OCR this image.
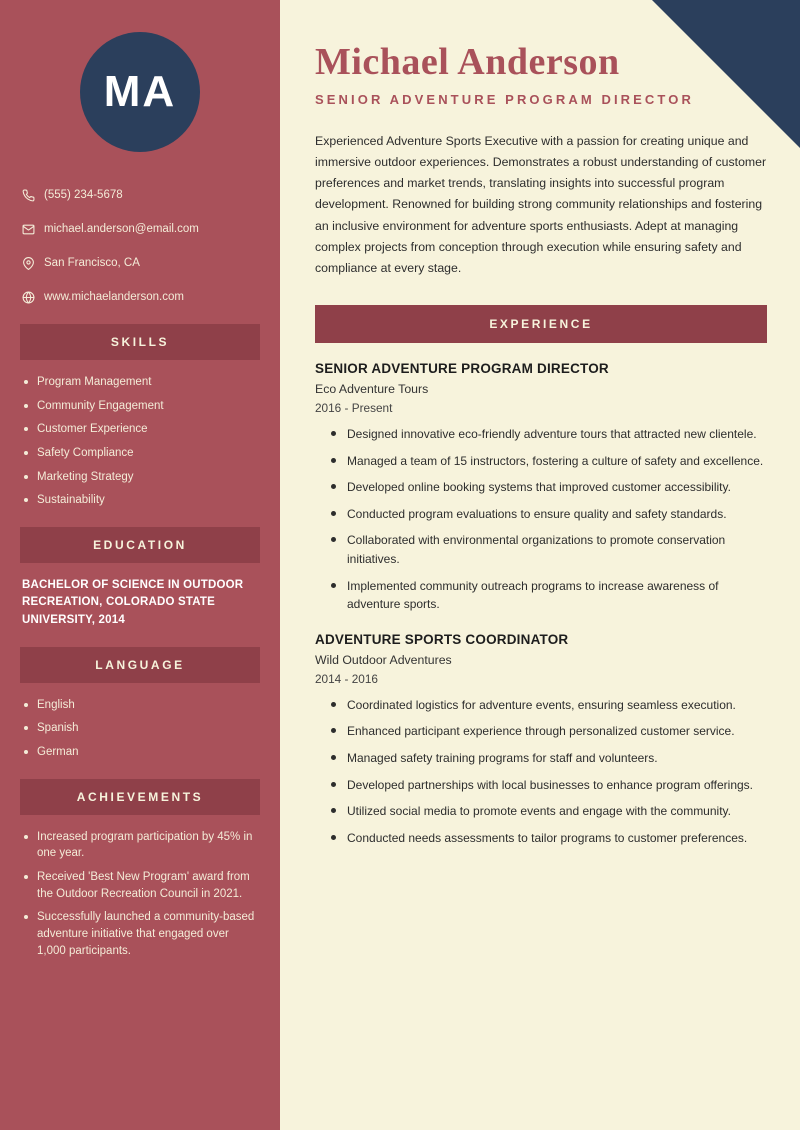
MA
(555) 234-5678
michael.anderson@email.com
San Francisco, CA
www.michaelanderson.com
SKILLS
Program Management
Community Engagement
Customer Experience
Safety Compliance
Marketing Strategy
Sustainability
EDUCATION
BACHELOR OF SCIENCE IN OUTDOOR RECREATION, COLORADO STATE UNIVERSITY, 2014
LANGUAGE
English
Spanish
German
ACHIEVEMENTS
Increased program participation by 45% in one year.
Received 'Best New Program' award from the Outdoor Recreation Council in 2021.
Successfully launched a community-based adventure initiative that engaged over 1,000 participants.
Michael Anderson
SENIOR ADVENTURE PROGRAM DIRECTOR

Experienced Adventure Sports Executive with a passion for creating unique and immersive outdoor experiences. Demonstrates a robust understanding of customer preferences and market trends, translating insights into successful program development. Renowned for building strong community relationships and fostering an inclusive environment for adventure sports enthusiasts. Adept at managing complex projects from conception through execution while ensuring safety and compliance at every stage.

EXPERIENCE
SENIOR ADVENTURE PROGRAM DIRECTOR
Eco Adventure Tours
2016 - Present
Designed innovative eco-friendly adventure tours that attracted new clientele.
Managed a team of 15 instructors, fostering a culture of safety and excellence.
Developed online booking systems that improved customer accessibility.
Conducted program evaluations to ensure quality and safety standards.
Collaborated with environmental organizations to promote conservation initiatives.
Implemented community outreach programs to increase awareness of adventure sports.
ADVENTURE SPORTS COORDINATOR
Wild Outdoor Adventures
2014 - 2016
Coordinated logistics for adventure events, ensuring seamless execution.
Enhanced participant experience through personalized customer service.
Managed safety training programs for staff and volunteers.
Developed partnerships with local businesses to enhance program offerings.
Utilized social media to promote events and engage with the community.
Conducted needs assessments to tailor programs to customer preferences.
